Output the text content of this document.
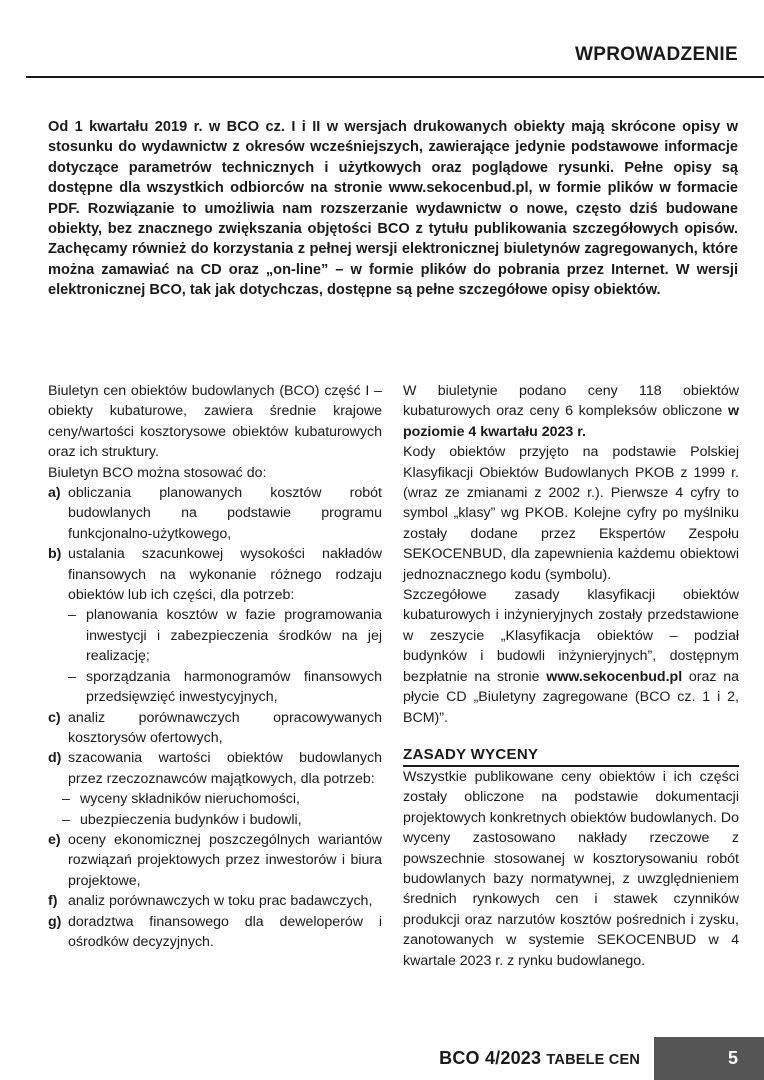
WPROWADZENIE

Od 1 kwartału 2019 r. w BCO cz. I i II w wersjach drukowanych obiekty mają skrócone opisy w stosunku do wydawnictw z okresów wcześniejszych, zawierające jedynie podstawowe informacje dotyczące parametrów technicznych i użytkowych oraz poglądowe rysunki. Pełne opisy są dostępne dla wszystkich odbiorców na stronie www.sekocenbud.pl, w formie plików w formacie PDF. Rozwiązanie to umożliwia nam rozszerzanie wydawnictw o nowe, często dziś budowane obiekty, bez znacznego zwiększania objętości BCO z tytułu publikowania szczegółowych opisów. Zachęcamy również do korzystania z pełnej wersji elektronicznej biuletynów zagregowanych, które można zamawiać na CD oraz „on-line” – w formie plików do pobrania przez Internet. W wersji elektronicznej BCO, tak jak dotychczas, dostępne są pełne szczegółowe opisy obiektów.

Biuletyn cen obiektów budowlanych (BCO) część I – obiekty kubaturowe, zawiera średnie krajowe ceny/wartości kosztorysowe obiektów kubaturowych oraz ich struktury.

Biuletyn BCO można stosować do:

a) obliczania planowanych kosztów robót budowlanych na podstawie programu funkcjonalno-użytkowego,
b) ustalania szacunkowej wysokości nakładów finansowych na wykonanie różnego rodzaju obiektów lub ich części, dla potrzeb:
– planowania kosztów w fazie programowania inwestycji i zabezpieczenia środków na jej realizację;
– sporządzania harmonogramów finansowych przedsięwzięć inwestycyjnych,
c) analiz porównawczych opracowywanych kosztorysów ofertowych,
d) szacowania wartości obiektów budowlanych przez rzeczoznawców majątkowych, dla potrzeb:
– wyceny składników nieruchomości,
– ubezpieczenia budynków i budowli,
e) oceny ekonomicznej poszczególnych wariantów rozwiązań projektowych przez inwestorów i biura projektowe,
f) analiz porównawczych w toku prac badawczych,
g) doradztwa finansowego dla deweloperów i ośrodków decyzyjnych.

W biuletynie podano ceny 118 obiektów kubaturowych oraz ceny 6 kompleksów obliczone w poziomie 4 kwartału 2023 r.

Kody obiektów przyjęto na podstawie Polskiej Klasyfikacji Obiektów Budowlanych PKOB z 1999 r. (wraz ze zmianami z 2002 r.). Pierwsze 4 cyfry to symbol „klasy” wg PKOB. Kolejne cyfry po myślniku zostały dodane przez Ekspertów Zespołu SEKOCENBUD, dla zapewnienia każdemu obiektowi jednoznacznego kodu (symbolu).

Szczegółowe zasady klasyfikacji obiektów kubaturowych i inżynieryjnych zostały przedstawione w zeszycie „Klasyfikacja obiektów – podział budynków i budowli inżynieryjnych”, dostępnym bezpłatnie na stronie www.sekocenbud.pl oraz na płycie CD „Biuletyny zagregowane (BCO cz. 1 i 2, BCM)”.

ZASADY WYCENY

Wszystkie publikowane ceny obiektów i ich części zostały obliczone na podstawie dokumentacji projektowych konkretnych obiektów budowlanych. Do wyceny zastosowano nakłady rzeczowe z powszechnie stosowanej w kosztorysowaniu robót budowlanych bazy normatywnej, z uwzględnieniem średnich rynkowych cen i stawek czynników produkcji oraz narzutów kosztów pośrednich i zysku, zanotowanych w systemie SEKOCENBUD w 4 kwartale 2023 r. z rynku budowlanego.

BCO 4/2023 TABELE CEN	5
